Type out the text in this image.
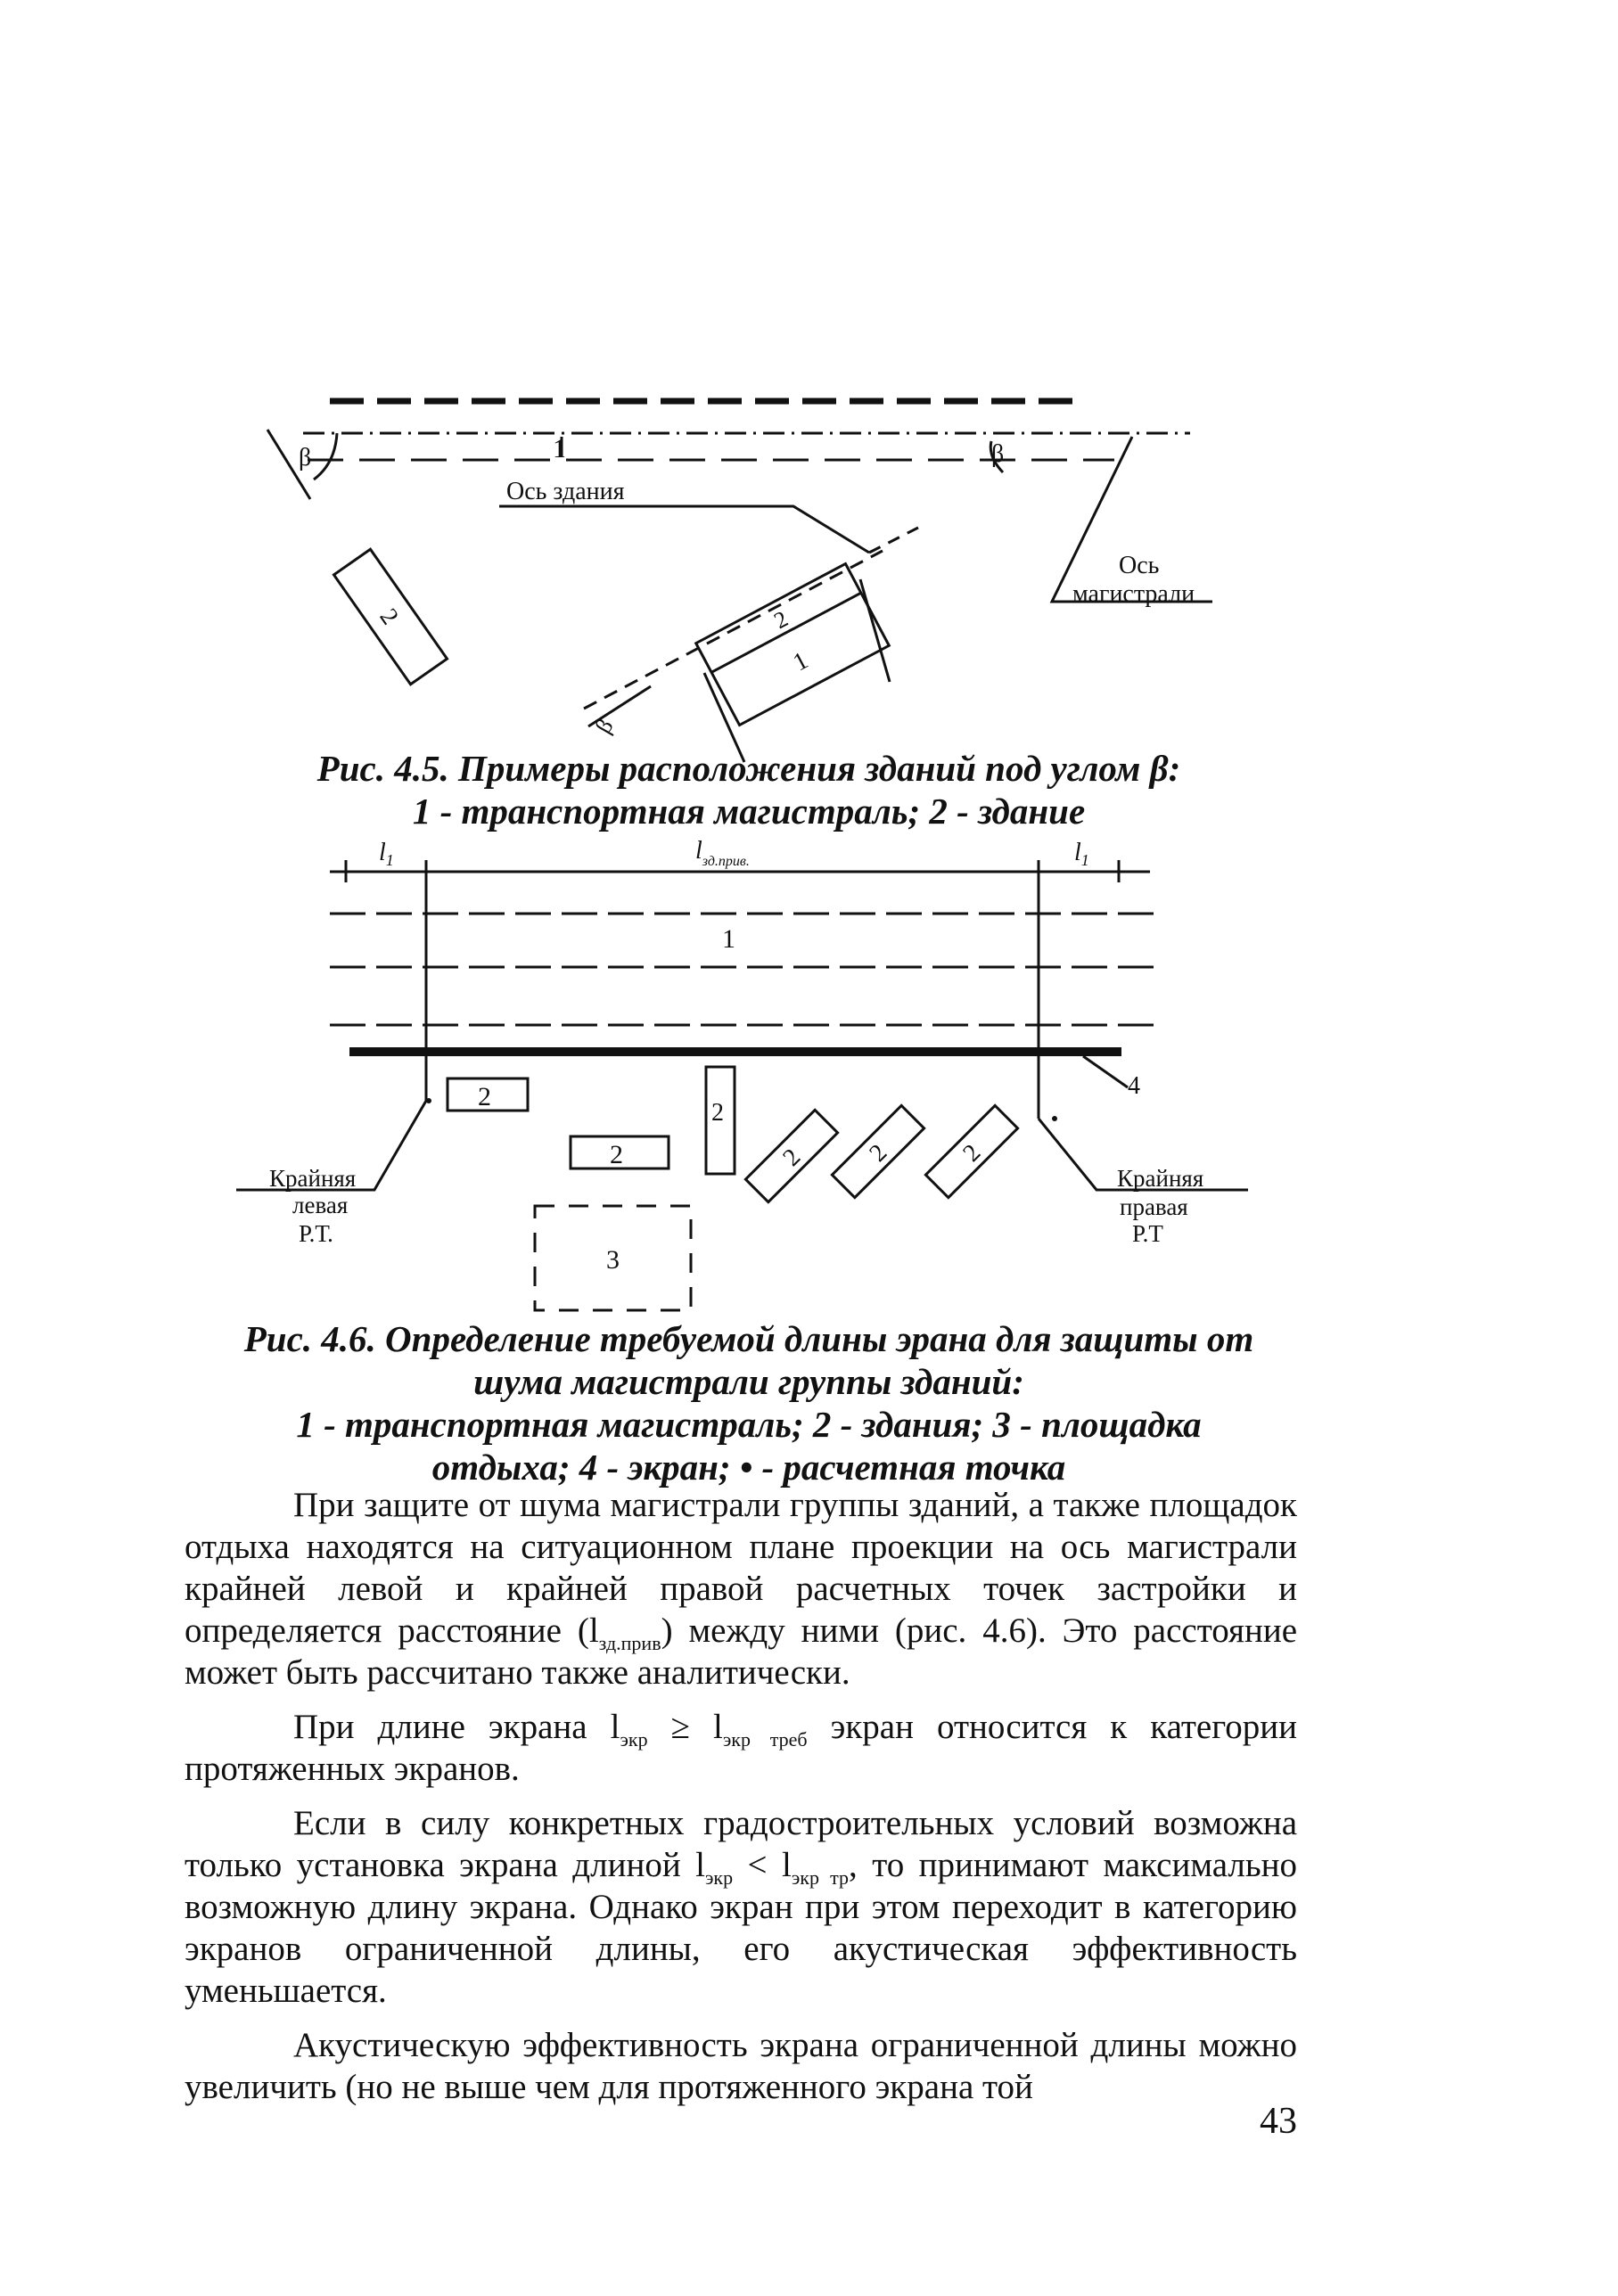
β	1	β
Ось
магистрали
Ось здания
2	2
1
β
Рис. 4.5. Примеры расположения зданий под углом β:
1 - транспортная магистраль; 2 - здание
$l_1$	$l_{зд.прив.}$	$l_1$
1
4
2
2
2
2 2	2
3
Крайняя
левая
Р.Т.
Крайняя
правая
Р.Т
Рис. 4.6. Определение требуемой длины эрана для защиты от
шума магистрали группы зданий:
1 - транспортная магистраль; 2 - здания; 3 - площадка
отдыха; 4 - экран; • - расчетная точка

При защите от шума магистрали группы зданий, а также площадок отдыха находятся на ситуационном плане проекции на ось магистрали крайней левой и крайней правой расчетных точек застройки и определяется расстояние $(l_{зд.прив})$ между ними (рис. 4.6). Это расстояние может быть рассчитано также аналитически.

При длине экрана $l_{экр} \ge l_{экр треб}$ экран относится к категории протяженных экранов.

Если в силу конкретных градостроительных условий возможна только установка экрана длиной $l_{экр} < l_{экр тр}$, то принимают максимально возможную длину экрана. Однако экран при этом переходит в категорию экранов ограниченной длины, его акустическая эффективность уменьшается.

Акустическую эффективность экрана ограниченной длины можно увеличить (но не выше чем для протяженного экрана той

43
